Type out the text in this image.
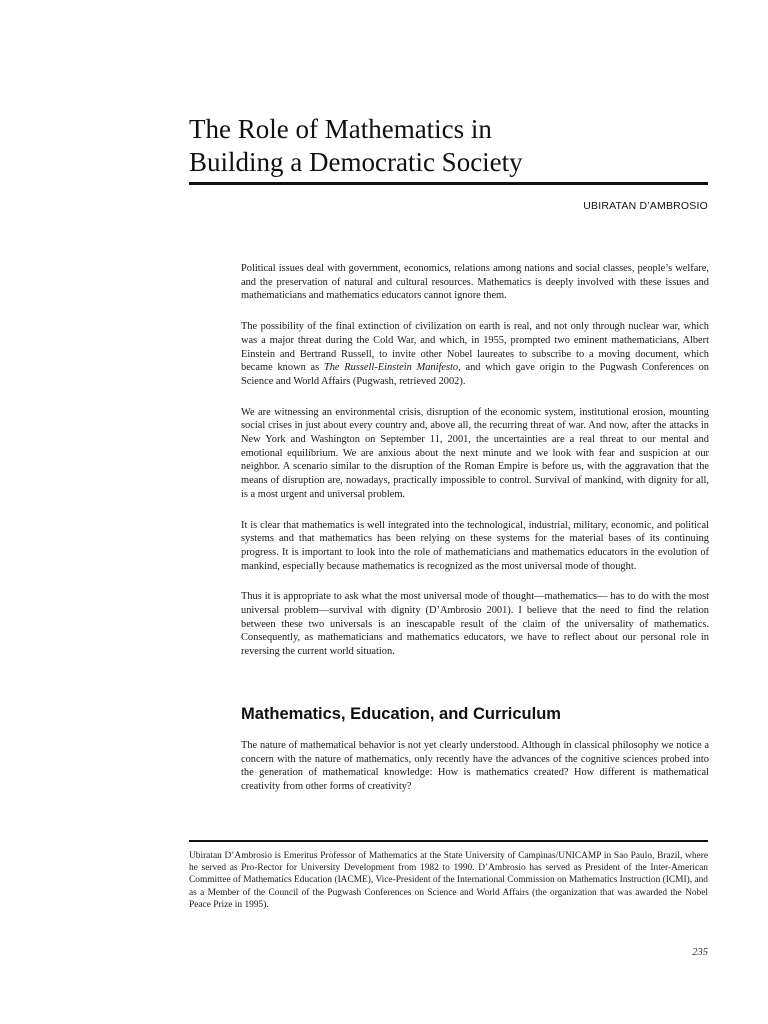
The Role of Mathematics in
Building a Democratic Society
UBIRATAN D’AMBROSIO

Political issues deal with government, economics, relations among nations and social classes, people’s welfare, and the preservation of natural and cultural resources. Mathematics is deeply involved with these issues and mathematicians and mathematics educators cannot ignore them.

The possibility of the final extinction of civilization on earth is real, and not only through nuclear war, which was a major threat during the Cold War, and which, in 1955, prompted two eminent mathematicians, Albert Einstein and Bertrand Russell, to invite other Nobel laureates to subscribe to a moving document, which became known as The Russell-Einstein Manifesto, and which gave origin to the Pugwash Conferences on Science and World Affairs (Pugwash, retrieved 2002).

We are witnessing an environmental crisis, disruption of the economic system, institutional erosion, mounting social crises in just about every country and, above all, the recurring threat of war. And now, after the attacks in New York and Washington on September 11, 2001, the uncertainties are a real threat to our mental and emotional equilibrium. We are anxious about the next minute and we look with fear and suspicion at our neighbor. A scenario similar to the disruption of the Roman Empire is before us, with the aggravation that the means of disruption are, nowadays, practically impossible to control. Survival of mankind, with dignity for all, is a most urgent and universal problem.

It is clear that mathematics is well integrated into the technological, industrial, military, economic, and political systems and that mathematics has been relying on these systems for the material bases of its continuing progress. It is important to look into the role of mathematicians and mathematics educators in the evolution of mankind, especially because mathematics is recognized as the most universal mode of thought.

Thus it is appropriate to ask what the most universal mode of thought—mathematics— has to do with the most universal problem—survival with dignity (D’Ambrosio 2001). I believe that the need to find the relation between these two universals is an inescapable result of the claim of the universality of mathematics. Consequently, as mathematicians and mathematics educators, we have to reflect about our personal role in reversing the current world situation.

Mathematics, Education, and Curriculum

The nature of mathematical behavior is not yet clearly understood. Although in classical philosophy we notice a concern with the nature of mathematics, only recently have the advances of the cognitive sciences probed into the generation of mathematical knowledge: How is mathematics created? How different is mathematical creativity from other forms of creativity?

Ubiratan D’Ambrosio is Emeritus Professor of Mathematics at the State University of Campinas/UNICAMP in Sao Paulo, Brazil, where he served as Pro-Rector for University Development from 1982 to 1990. D’Ambrosio has served as President of the Inter-American Committee of Mathematics Education (IACME), Vice-President of the International Commission on Mathematics Instruction (ICMI), and as a Member of the Council of the Pugwash Conferences on Science and World Affairs (the organization that was awarded the Nobel Peace Prize in 1995).

235
